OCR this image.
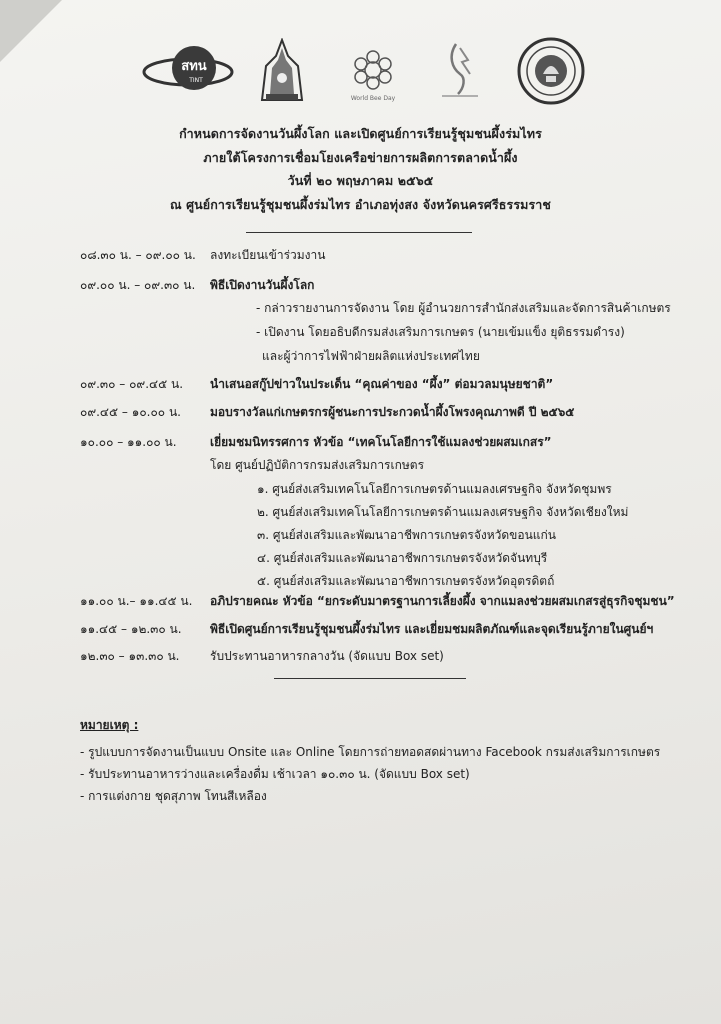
สทน
TINT
World Bee Day
กำหนดการจัดงานวันผึ้งโลก และเปิดศูนย์การเรียนรู้ชุมชนผึ้งร่มไทร
ภายใต้โครงการเชื่อมโยงเครือข่ายการผลิตการตลาดน้ำผึ้ง
วันที่ ๒๐ พฤษภาคม ๒๕๖๕
ณ ศูนย์การเรียนรู้ชุมชนผึ้งร่มไทร อำเภอทุ่งสง จังหวัดนครศรีธรรมราช
๐๘.๓๐ น. – ๐๙.๐๐ น.	ลงทะเบียนเข้าร่วมงาน
๐๙.๐๐ น. – ๐๙.๓๐ น.	พิธีเปิดงานวันผึ้งโลก
- กล่าวรายงานการจัดงาน โดย ผู้อำนวยการสำนักส่งเสริมและจัดการสินค้าเกษตร
- เปิดงาน โดยอธิบดีกรมส่งเสริมการเกษตร (นายเข้มแข็ง ยุติธรรมดำรง)
และผู้ว่าการไฟฟ้าฝ่ายผลิตแห่งประเทศไทย
๐๙.๓๐ – ๐๙.๔๕ น.	นำเสนอสกู๊ปข่าวในประเด็น “คุณค่าของ “ผึ้ง” ต่อมวลมนุษยชาติ”
๐๙.๔๕ – ๑๐.๐๐ น.	มอบรางวัลแก่เกษตรกรผู้ชนะการประกวดน้ำผึ้งโพรงคุณภาพดี ปี ๒๕๖๕
๑๐.๐๐ – ๑๑.๐๐ น.	เยี่ยมชมนิทรรศการ หัวข้อ “เทคโนโลยีการใช้แมลงช่วยผสมเกสร”
โดย ศูนย์ปฏิบัติการกรมส่งเสริมการเกษตร
๑. ศูนย์ส่งเสริมเทคโนโลยีการเกษตรด้านแมลงเศรษฐกิจ จังหวัดชุมพร
๒. ศูนย์ส่งเสริมเทคโนโลยีการเกษตรด้านแมลงเศรษฐกิจ จังหวัดเชียงใหม่
๓. ศูนย์ส่งเสริมและพัฒนาอาชีพการเกษตรจังหวัดขอนแก่น
๔. ศูนย์ส่งเสริมและพัฒนาอาชีพการเกษตรจังหวัดจันทบุรี
๕. ศูนย์ส่งเสริมและพัฒนาอาชีพการเกษตรจังหวัดอุตรดิตถ์
๑๑.๐๐ น.– ๑๑.๔๕ น.	อภิปรายคณะ หัวข้อ “ยกระดับมาตรฐานการเลี้ยงผึ้ง จากแมลงช่วยผสมเกสรสู่ธุรกิจชุมชน”
๑๑.๔๕ – ๑๒.๓๐ น.	พิธีเปิดศูนย์การเรียนรู้ชุมชนผึ้งร่มไทร และเยี่ยมชมผลิตภัณฑ์และจุดเรียนรู้ภายในศูนย์ฯ
๑๒.๓๐ – ๑๓.๓๐ น.	รับประทานอาหารกลางวัน (จัดแบบ Box set)
หมายเหตุ :
- รูปแบบการจัดงานเป็นแบบ Onsite และ Online โดยการถ่ายทอดสดผ่านทาง Facebook กรมส่งเสริมการเกษตร
- รับประทานอาหารว่างและเครื่องดื่ม เช้าเวลา ๑๐.๓๐ น. (จัดแบบ Box set)
- การแต่งกาย ชุดสุภาพ โทนสีเหลือง
